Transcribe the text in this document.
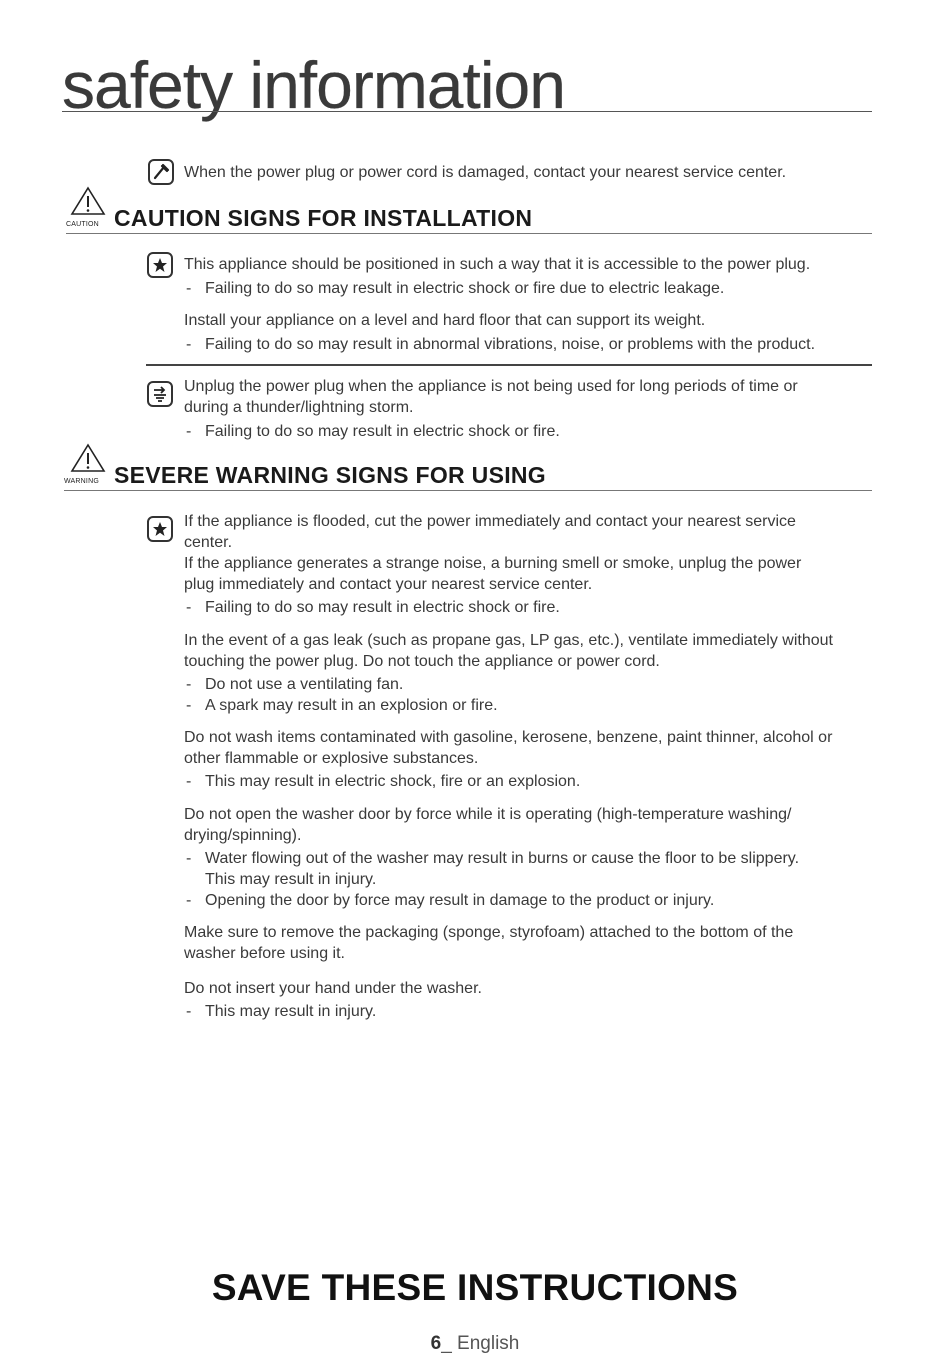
safety information
When the power plug or power cord is damaged, contact your nearest service center.
CAUTION CAUTION SIGNS FOR INSTALLATION
This appliance should be positioned in such a way that it is accessible to the power plug.
- Failing to do so may result in electric shock or fire due to electric leakage.
Install your appliance on a level and hard floor that can support its weight.
- Failing to do so may result in abnormal vibrations, noise, or problems with the product.
Unplug the power plug when the appliance is not being used for long periods of time or
during a thunder/lightning storm.
- Failing to do so may result in electric shock or fire.
WARNING SEVERE WARNING SIGNS FOR USING
If the appliance is flooded, cut the power immediately and contact your nearest service
center.
If the appliance generates a strange noise, a burning smell or smoke, unplug the power
plug immediately and contact your nearest service center.
- Failing to do so may result in electric shock or fire.
In the event of a gas leak (such as propane gas, LP gas, etc.), ventilate immediately without
touching the power plug. Do not touch the appliance or power cord.
- Do not use a ventilating fan.
- A spark may result in an explosion or fire.
Do not wash items contaminated with gasoline, kerosene, benzene, paint thinner, alcohol or
other flammable or explosive substances.
- This may result in electric shock, fire or an explosion.
Do not open the washer door by force while it is operating (high-temperature washing/
drying/spinning).
- Water flowing out of the washer may result in burns or cause the floor to be slippery.
This may result in injury.
- Opening the door by force may result in damage to the product or injury.
Make sure to remove the packaging (sponge, styrofoam) attached to the bottom of the
washer before using it.
Do not insert your hand under the washer.
- This may result in injury.
SAVE THESE INSTRUCTIONS
6_ English
